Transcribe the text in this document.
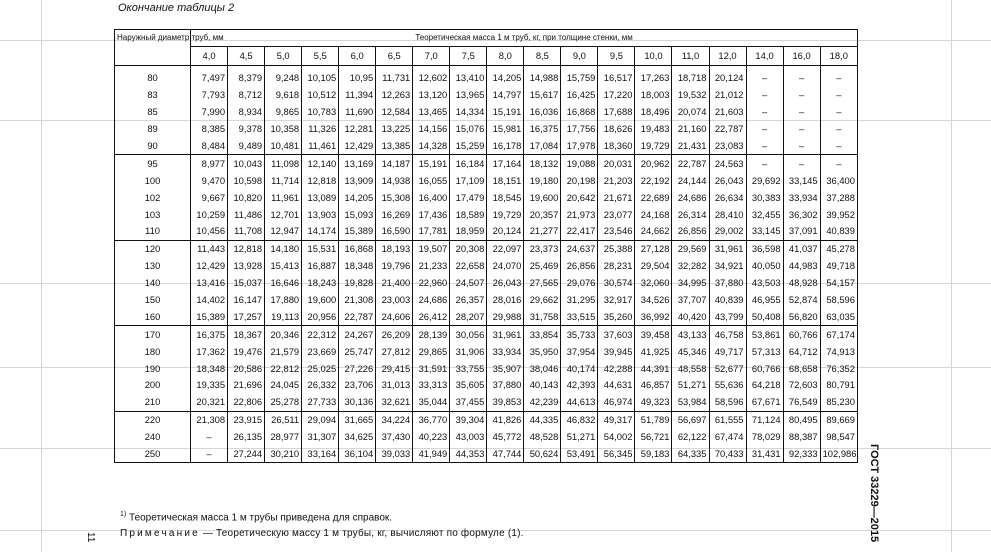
Окончание таблицы 2
Наружный диаметр труб, мм	Теоретическая масса 1 м труб, кг, при толщине стенки, мм																	
	4,0	4,5	5,0	5,5	6,0	6,5	7,0	7,5	8,0	8,5	9,0	9,5	10,0	11,0	12,0	14,0	16,0	18,0
80	7,497	8,379	9,248	10,105	10,95	11,731	12,602	13,410	14,205	14,988	15,759	16,517	17,263	18,718	20,124	–	–	–
83	7,793	8,712	9,618	10,512	11,394	12,263	13,120	13,965	14,797	15,617	16,425	17,220	18,003	19,532	21,012	–	–	–
85	7,990	8,934	9,865	10,783	11,690	12,584	13,465	14,334	15,191	16,036	16,868	17,688	18,496	20,074	21,603	–	–	–
89	8,385	9,378	10,358	11,326	12,281	13,225	14,156	15,076	15,981	16,375	17,756	18,626	19,483	21,160	22,787	–	–	–
90	8,484	9,489	10,481	11,461	12,429	13,385	14,328	15,259	16,178	17,084	17,978	18,360	19,729	21,431	23,083	–	–	–
95	8,977	10,043	11,098	12,140	13,169	14,187	15,191	16,184	17,164	18,132	19,088	20,031	20,962	22,787	24,563	–	–	–
100	9,470	10,598	11,714	12,818	13,909	14,938	16,055	17,109	18,151	19,180	20,198	21,203	22,192	24,144	26,043	29,692	33,145	36,400
102	9,667	10,820	11,961	13,089	14,205	15,308	16,400	17,479	18,545	19,600	20,642	21,671	22,689	24,686	26,634	30,383	33,934	37,288
103	10,259	11,486	12,701	13,903	15,093	16,269	17,436	18,589	19,729	20,357	21,973	23,077	24,168	26,314	28,410	32,455	36,302	39,952
110	10,456	11,708	12,947	14,174	15,389	16,590	17,781	18,959	20,124	21,277	22,417	23,546	24,662	26,856	29,002	33,145	37,091	40,839
120	11,443	12,818	14,180	15,531	16,868	18,193	19,507	20,308	22,097	23,373	24,637	25,388	27,128	29,569	31,961	36,598	41,037	45,278
130	12,429	13,928	15,413	16,887	18,348	19,796	21,233	22,658	24,070	25,469	26,856	28,231	29,504	32,282	34,921	40,050	44,983	49,718
140	13,416	15,037	16,646	18,243	19,828	21,400	22,960	24,507	26,043	27,565	29,076	30,574	32,060	34,995	37,880	43,503	48,928	54,157
150	14,402	16,147	17,880	19,600	21,308	23,003	24,686	26,357	28,016	29,662	31,295	32,917	34,526	37,707	40,839	46,955	52,874	58,596
160	15,389	17,257	19,113	20,956	22,787	24,606	26,412	28,207	29,988	31,758	33,515	35,260	36,992	40,420	43,799	50,408	56,820	63,035
170	16,375	18,367	20,346	22,312	24,267	26,209	28,139	30,056	31,961	33,854	35,733	37,603	39,458	43,133	46,758	53,861	60,766	67,174
180	17,362	19,476	21,579	23,669	25,747	27,812	29,865	31,906	33,934	35,950	37,954	39,945	41,925	45,346	49,717	57,313	64,712	74,913
190	18,348	20,586	22,812	25,025	27,226	29,415	31,591	33,755	35,907	38,046	40,174	42,288	44,391	48,558	52,677	60,766	68,658	76,352
200	19,335	21,696	24,045	26,332	23,706	31,013	33,313	35,605	37,880	40,143	42,393	44,631	46,857	51,271	55,636	64,218	72,603	80,791
210	20,321	22,806	25,278	27,733	30,136	32,621	35,044	37,455	39,853	42,239	44,613	46,974	49,323	53,984	58,596	67,671	76,549	85,230
220	21,308	23,915	26,511	29,094	31,665	34,224	36,770	39,304	41,826	44,335	46,832	49,317	51,789	56,697	61,555	71,124	80,495	89,669
240	–	26,135	28,977	31,307	34,625	37,430	40,223	43,003	45,772	48,528	51,271	54,002	56,721	62,122	67,474	78,029	88,387	98,547
250	–	27,244	30,210	33,164	36,104	39,033	41,949	44,353	47,744	50,624	53,491	56,345	59,183	64,335	70,433	31,431	92,333	102,986
$^{1)}$ Теоретическая масса 1 м трубы приведена для справок.
Примечание — Теоретическую массу 1 м трубы, кг, вычисляют по формуле (1).
11	ГОСТ 33229—2015
